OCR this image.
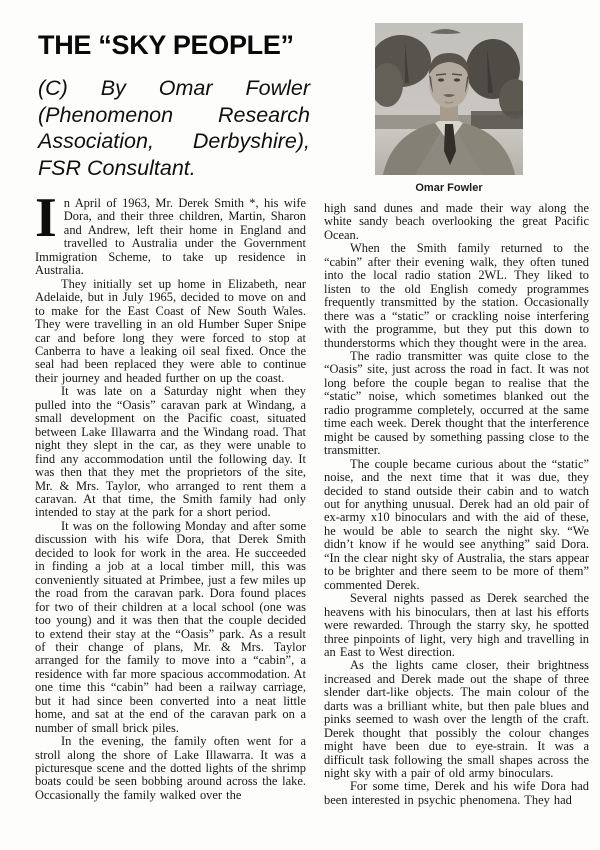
THE “SKY PEOPLE”

(C) By Omar Fowler (Phenomenon Research Association, Derbyshire), FSR Consultant.

Omar Fowler

In April of 1963, Mr. Derek Smith *, his wife Dora, and their three children, Martin, Sharon and Andrew, left their home in England and travelled to Australia under the Government Immigration Scheme, to take up residence in Australia.

They initially set up home in Elizabeth, near Adelaide, but in July 1965, decided to move on and to make for the East Coast of New South Wales. They were travelling in an old Humber Super Snipe car and before long they were forced to stop at Canberra to have a leaking oil seal fixed. Once the seal had been replaced they were able to continue their journey and headed further on up the coast.

It was late on a Saturday night when they pulled into the “Oasis” caravan park at Windang, a small development on the Pacific coast, situated between Lake Illawarra and the Windang road. That night they slept in the car, as they were unable to find any accommodation until the following day. It was then that they met the proprietors of the site, Mr. & Mrs. Taylor, who arranged to rent them a caravan. At that time, the Smith family had only intended to stay at the park for a short period.

It was on the following Monday and after some discussion with his wife Dora, that Derek Smith decided to look for work in the area. He succeeded in finding a job at a local timber mill, this was conveniently situated at Primbee, just a few miles up the road from the caravan park. Dora found places for two of their children at a local school (one was too young) and it was then that the couple decided to extend their stay at the “Oasis” park. As a result of their change of plans, Mr. & Mrs. Taylor arranged for the family to move into a “cabin”, a residence with far more spacious accommodation. At one time this “cabin” had been a railway carriage, but it had since been converted into a neat little home, and sat at the end of the caravan park on a number of small brick piles.

In the evening, the family often went for a stroll along the shore of Lake Illawarra. It was a picturesque scene and the dotted lights of the shrimp boats could be seen bobbing around across the lake. Occasionally the family walked over the

high sand dunes and made their way along the white sandy beach overlooking the great Pacific Ocean.

When the Smith family returned to the “cabin” after their evening walk, they often tuned into the local radio station 2WL. They liked to listen to the old English comedy programmes frequently transmitted by the station. Occasionally there was a “static” or crackling noise interfering with the programme, but they put this down to thunderstorms which they thought were in the area.

The radio transmitter was quite close to the “Oasis” site, just across the road in fact. It was not long before the couple began to realise that the “static” noise, which sometimes blanked out the radio programme completely, occurred at the same time each week. Derek thought that the interference might be caused by something passing close to the transmitter.

The couple became curious about the “static” noise, and the next time that it was due, they decided to stand outside their cabin and to watch out for anything unusual. Derek had an old pair of ex-army x10 binoculars and with the aid of these, he would be able to search the night sky. “We didn’t know if he would see anything” said Dora. “In the clear night sky of Australia, the stars appear to be brighter and there seem to be more of them” commented Derek.

Several nights passed as Derek searched the heavens with his binoculars, then at last his efforts were rewarded. Through the starry sky, he spotted three pinpoints of light, very high and travelling in an East to West direction.

As the lights came closer, their brightness increased and Derek made out the shape of three slender dart-like objects. The main colour of the darts was a brilliant white, but then pale blues and pinks seemed to wash over the length of the craft. Derek thought that possibly the colour changes might have been due to eye-strain. It was a difficult task following the small shapes across the night sky with a pair of old army binoculars.

For some time, Derek and his wife Dora had been interested in psychic phenomena. They had
